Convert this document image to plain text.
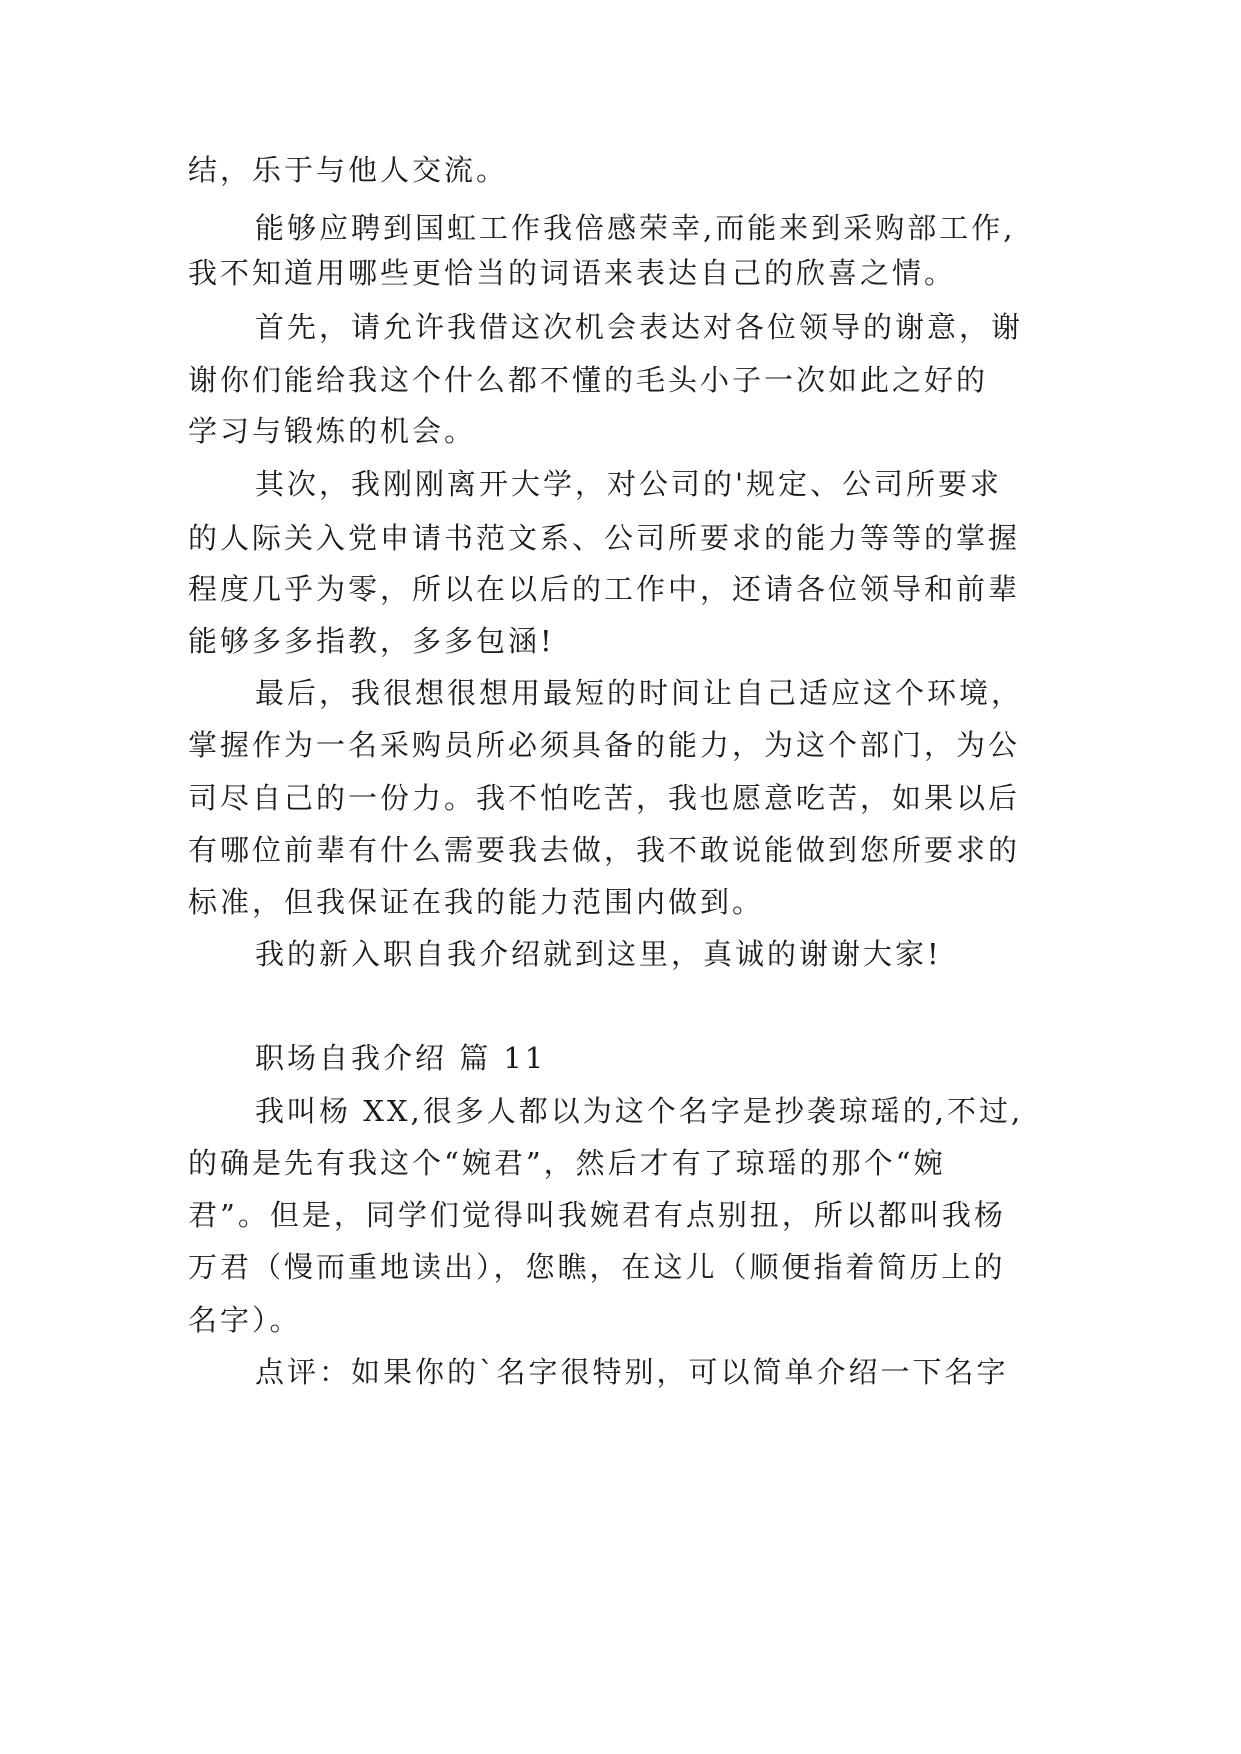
结，乐于与他人交流。
能够应聘到国虹工作我倍感荣幸,而能来到采购部工作,
我不知道用哪些更恰当的词语来表达自己的欣喜之情。
首先，请允许我借这次机会表达对各位领导的谢意，谢
谢你们能给我这个什么都不懂的毛头小子一次如此之好的
学习与锻炼的机会。
其次，我刚刚离开大学，对公司的'规定、公司所要求
的人际关入党申请书范文系、公司所要求的能力等等的掌握
程度几乎为零，所以在以后的工作中，还请各位领导和前辈
能够多多指教，多多包涵!
最后，我很想很想用最短的时间让自己适应这个环境，
掌握作为一名采购员所必须具备的能力，为这个部门，为公
司尽自己的一份力。我不怕吃苦，我也愿意吃苦，如果以后
有哪位前辈有什么需要我去做，我不敢说能做到您所要求的
标准，但我保证在我的能力范围内做到。
我的新入职自我介绍就到这里，真诚的谢谢大家!
职场自我介绍 篇 11
我叫杨 XX,很多人都以为这个名字是抄袭琼瑶的,不过,
的确是先有我这个“婉君”，然后才有了琼瑶的那个“婉
君”。但是，同学们觉得叫我婉君有点别扭，所以都叫我杨
万君（慢而重地读出），您瞧，在这儿（顺便指着简历上的
名字）。
点评：如果你的`名字很特别，可以简单介绍一下名字
